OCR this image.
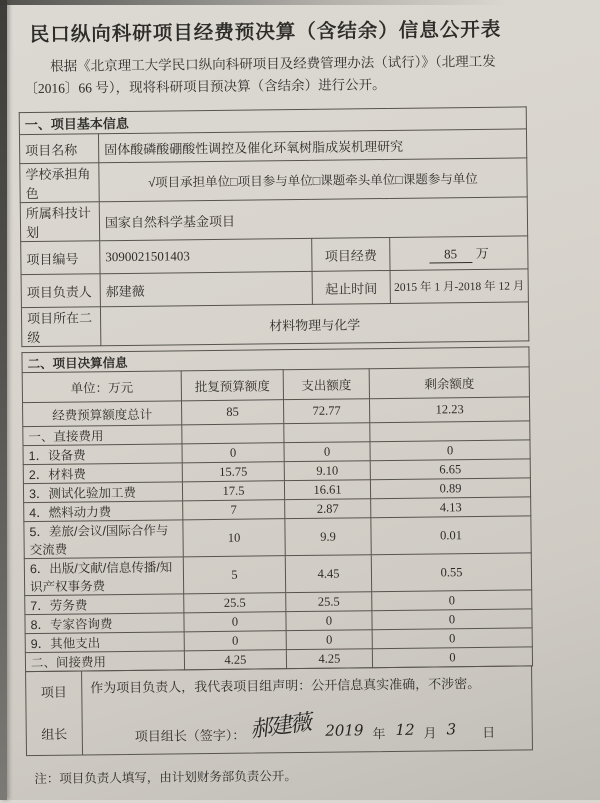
民口纵向科研项目经费预决算（含结余）信息公开表
根据《北京理工大学民口纵向科研项目及经费管理办法（试行）》（北理工发
〔2016〕66 号），现将科研项目预决算（含结余）进行公开。
一、项目基本信息			
项目名称	固体酸磷酸硼酸性调控及催化环氧树脂成炭机理研究		
学校承担角色	√项目承担单位□项目参与单位□课题牵头单位□课题参与单位		
所属科技计划	国家自然科学基金项目		
项目编号	3090021501403	项目经费	85 万
项目负责人	郝建薇	起止时间	2015 年 1 月-2018 年 12 月
项目所在二级	材料物理与化学		
二、项目决算信息			
单位：万元	批复预算额度	支出额度	剩余额度
经费预算额度总计	85	72.77	12.23
一、直接费用			
1．设备费	0	0	0
2．材料费	15.75	9.10	6.65
3．测试化验加工费	17.5	16.61	0.89
4．燃料动力费	7	2.87	4.13
5．差旅/会议/国际合作与交流费	10	9.9	0.01
6．出版/文献/信息传播/知识产权事务费	5	4.45	0.55
7．劳务费	25.5	25.5	0
8．专家咨询费	0	0	0
9．其他支出	0	0	0
二、间接费用	4.25	4.25	0
项目
组长
作为项目负责人，我代表项目组声明：公开信息真实准确，不涉密。
项目组长（签字）： 郝建薇 2019 年 12 月 3 日
注：项目负责人填写，由计划财务部负责公开。
